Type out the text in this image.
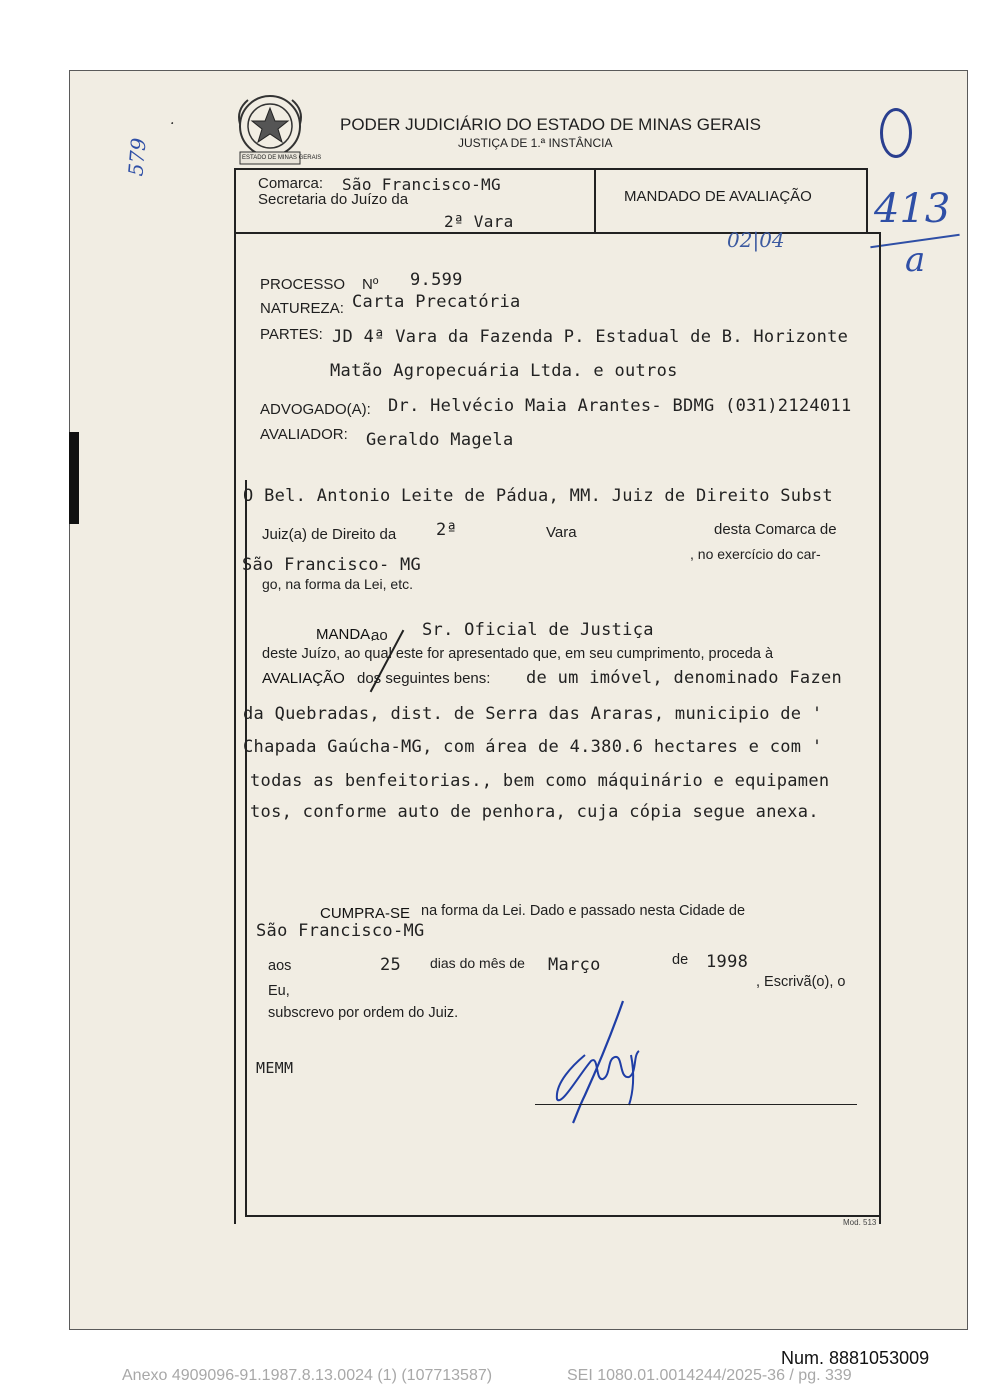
ESTADO DE MINAS GERAIS
PODER JUDICIÁRIO DO ESTADO DE MINAS GERAIS
JUSTIÇA DE 1.ª INSTÂNCIA
579
.
413
a
Comarca: São Francisco-MG
Secretaria do Juízo da
2ª Vara
MANDADO DE AVALIAÇÃO
02|04
PROCESSO Nº 9.599
NATUREZA: Carta Precatória
PARTES: JD 4ª Vara da Fazenda P. Estadual de B. Horizonte
Matão Agropecuária Ltda. e outros
ADVOGADO(A): Dr. Helvécio Maia Arantes- BDMG (031)2124011
AVALIADOR: Geraldo Magela
O Bel. Antonio Leite de Pádua, MM. Juiz de Direito Subst
Juiz(a) de Direito da 2ª	Vara	desta Comarca de
São Francisco- MG
, no exercício do car-
go, na forma da Lei, etc.
MANDA,
ao Sr. Oficial de Justiça
deste Juízo, ao qual este for apresentado que, em seu cumprimento, proceda à
AVALIAÇÃO dos seguintes bens: de um imóvel, denominado Fazen
da Quebradas, dist. de Serra das Araras, municipio de '
Chapada Gaúcha-MG, com área de 4.380.6 hectares e com '
todas as benfeitorias., bem como máquinário e equipamen
tos, conforme auto de penhora, cuja cópia segue anexa.
CUMPRA-SE na forma da Lei. Dado e passado nesta Cidade de
São Francisco-MG
aos	25 dias do mês de Março	de 1998
Eu,
, Escrivã(o), o
subscrevo por ordem do Juiz.
MEMM
Mod. 513
Num. 8881053009
Anexo 4909096-91.1987.8.13.0024 (1) (107713587)	SEI 1080.01.0014244/2025-36 / pg. 339
